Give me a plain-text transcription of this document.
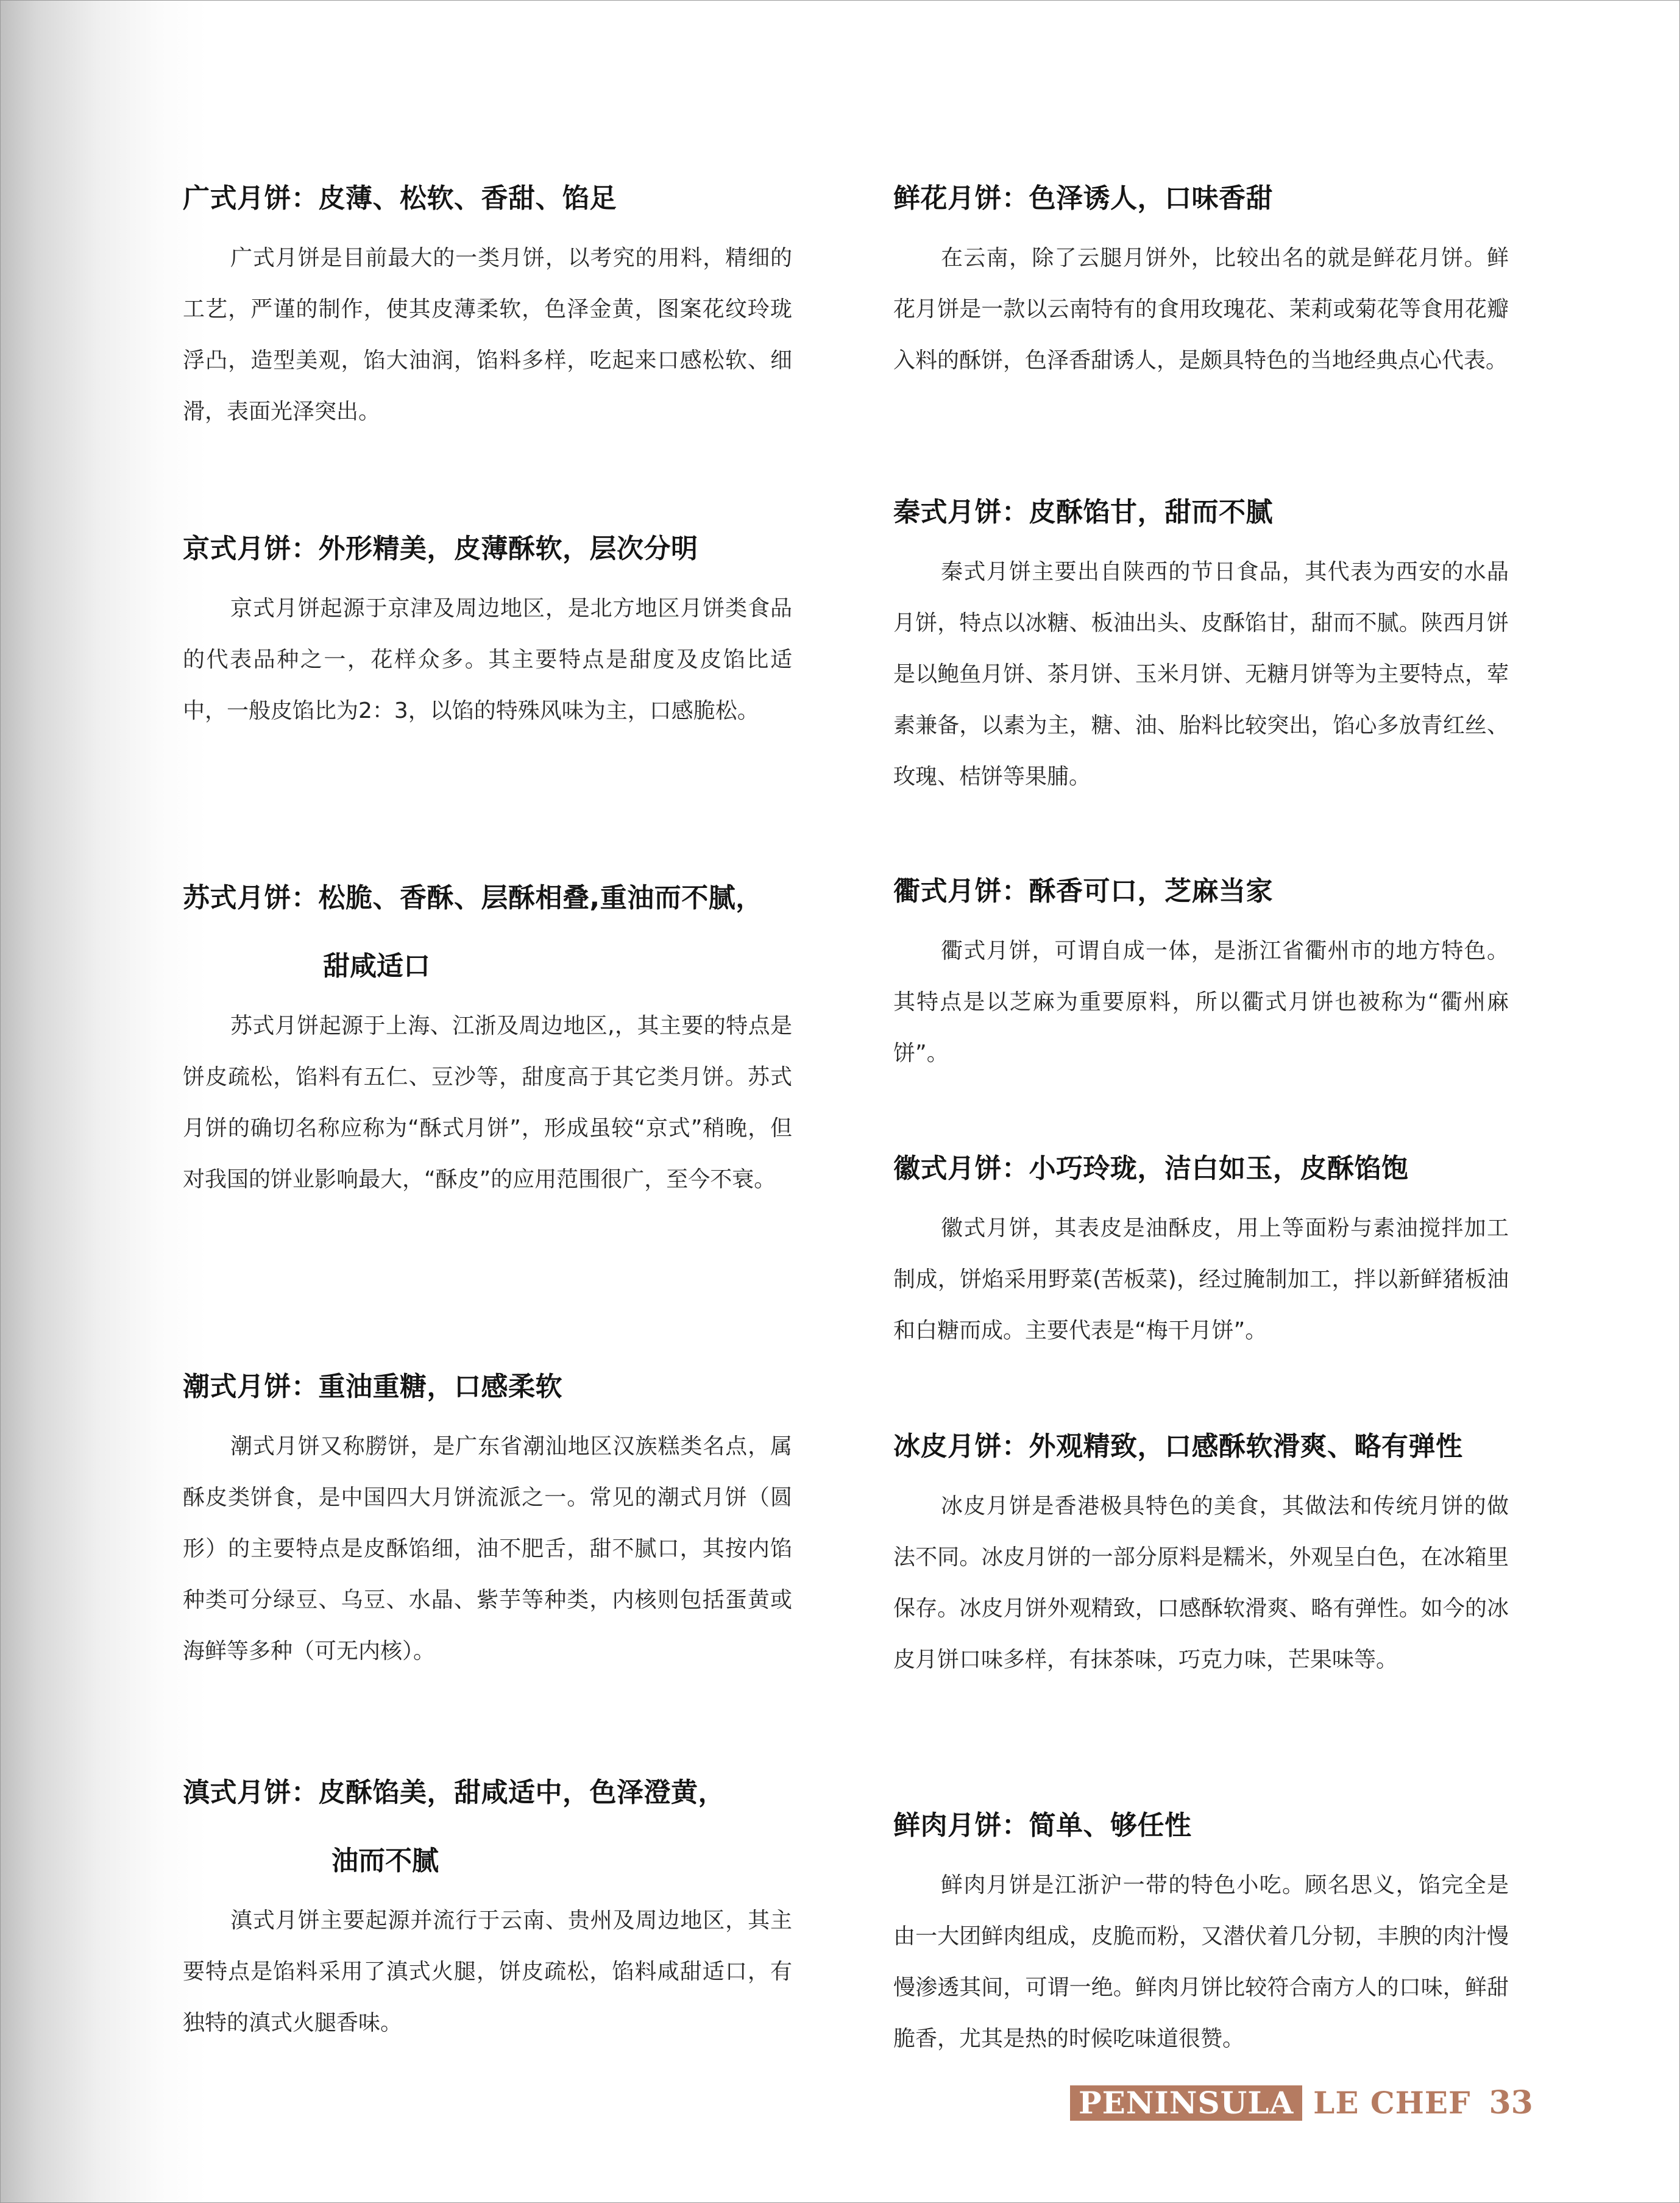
广式月饼：皮薄、松软、香甜、馅足

广式月饼是目前最大的一类月饼，以考究的用料，精细的工艺，严谨的制作，使其皮薄柔软，色泽金黄，图案花纹玲珑浮凸，造型美观，馅大油润，馅料多样，吃起来口感松软、细滑，表面光泽突出。

京式月饼：外形精美，皮薄酥软，层次分明

京式月饼起源于京津及周边地区，是北方地区月饼类食品的代表品种之一，花样众多。其主要特点是甜度及皮馅比适中，一般皮馅比为2：3，以馅的特殊风味为主，口感脆松。

苏式月饼：松脆、香酥、层酥相叠,重油而不腻，
甜咸适口

苏式月饼起源于上海、江浙及周边地区,，其主要的特点是饼皮疏松，馅料有五仁、豆沙等，甜度高于其它类月饼。苏式月饼的确切名称应称为“酥式月饼”，形成虽较“京式”稍晚，但对我国的饼业影响最大，“酥皮”的应用范围很广，至今不衰。

潮式月饼：重油重糖，口感柔软

潮式月饼又称朥饼，是广东省潮汕地区汉族糕类名点，属酥皮类饼食，是中国四大月饼流派之一。常见的潮式月饼（圆形）的主要特点是皮酥馅细，油不肥舌，甜不腻口，其按内馅种类可分绿豆、乌豆、水晶、紫芋等种类，内核则包括蛋黄或海鲜等多种（可无内核）。

滇式月饼：皮酥馅美，甜咸适中，色泽澄黄，
油而不腻

滇式月饼主要起源并流行于云南、贵州及周边地区，其主要特点是馅料采用了滇式火腿，饼皮疏松，馅料咸甜适口，有独特的滇式火腿香味。

鲜花月饼：色泽诱人，口味香甜

在云南，除了云腿月饼外，比较出名的就是鲜花月饼。鲜花月饼是一款以云南特有的食用玫瑰花、茉莉或菊花等食用花瓣入料的酥饼，色泽香甜诱人，是颇具特色的当地经典点心代表。

秦式月饼：皮酥馅甘，甜而不腻

秦式月饼主要出自陕西的节日食品，其代表为西安的水晶月饼，特点以冰糖、板油出头、皮酥馅甘，甜而不腻。陕西月饼是以鲍鱼月饼、茶月饼、玉米月饼、无糖月饼等为主要特点，荤素兼备，以素为主，糖、油、胎料比较突出，馅心多放青红丝、玫瑰、桔饼等果脯。

衢式月饼：酥香可口，芝麻当家

衢式月饼，可谓自成一体，是浙江省衢州市的地方特色。其特点是以芝麻为重要原料，所以衢式月饼也被称为“衢州麻饼”。

徽式月饼：小巧玲珑，洁白如玉，皮酥馅饱

徽式月饼，其表皮是油酥皮，用上等面粉与素油搅拌加工制成，饼焰采用野菜(苦板菜)，经过腌制加工，拌以新鲜猪板油和白糖而成。主要代表是“梅干月饼”。

冰皮月饼：外观精致，口感酥软滑爽、略有弹性

冰皮月饼是香港极具特色的美食，其做法和传统月饼的做法不同。冰皮月饼的一部分原料是糯米，外观呈白色，在冰箱里保存。冰皮月饼外观精致，口感酥软滑爽、略有弹性。如今的冰皮月饼口味多样，有抹茶味，巧克力味，芒果味等。

鲜肉月饼：简单、够任性

鲜肉月饼是江浙沪一带的特色小吃。顾名思义，馅完全是由一大团鲜肉组成，皮脆而粉，又潜伏着几分韧，丰腴的肉汁慢慢渗透其间，可谓一绝。鲜肉月饼比较符合南方人的口味，鲜甜脆香，尤其是热的时候吃味道很赞。

PENINSULA LE CHEF 33
